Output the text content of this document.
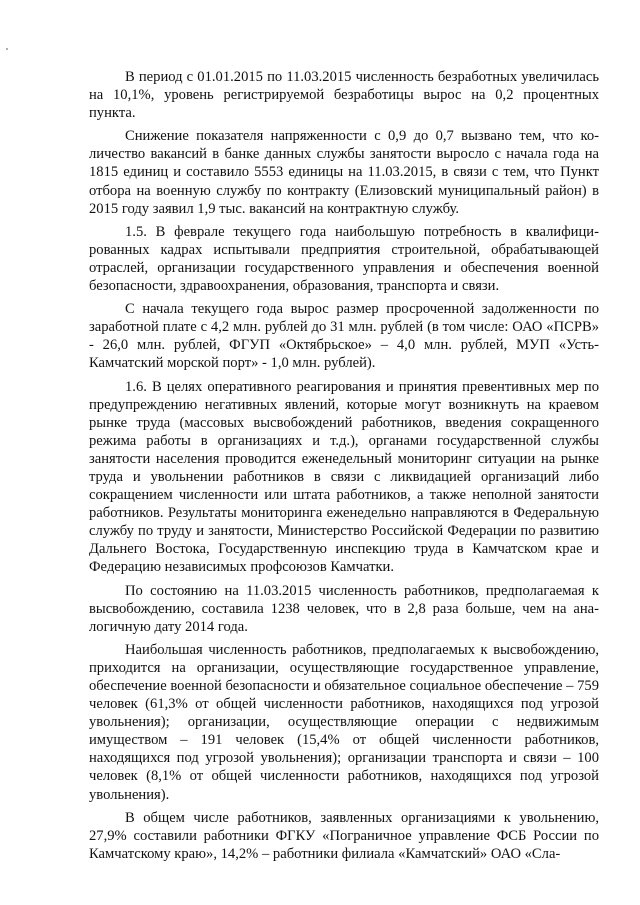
В период с 01.01.2015 по 11.03.2015 численность безработных увеличилась на 10,1%, уровень регистрируемой безработицы вырос на 0,2 процентных пункта.

Снижение показателя напряженности с 0,9 до 0,7 вызвано тем, что количество вакансий в банке данных службы занятости выросло с начала года на 1815 единиц и составило 5553 единицы на 11.03.2015, в связи с тем, что Пункт отбора на военную службу по контракту (Елизовский муниципальный район) в 2015 году заявил 1,9 тыс. вакансий на контрактную службу.

1.5. В феврале текущего года наибольшую потребность в квалифицированных кадрах испытывали предприятия строительной, обрабатывающей отраслей, организации государственного управления и обеспечения военной безопасности, здравоохранения, образования, транспорта и связи.

С начала текущего года вырос размер просроченной задолженности по заработной плате с 4,2 млн. рублей до 31 млн. рублей (в том числе: ОАО «ПСРВ» - 26,0 млн. рублей, ФГУП «Октябрьское» – 4,0 млн. рублей, МУП «Усть-Камчатский морской порт» - 1,0 млн. рублей).

1.6. В целях оперативного реагирования и принятия превентивных мер по предупреждению негативных явлений, которые могут возникнуть на краевом рынке труда (массовых высвобождений работников, введения сокращенного режима работы в организациях и т.д.), органами государственной службы занятости населения проводится еженедельный мониторинг ситуации на рынке труда и увольнении работников в связи с ликвидацией организаций либо сокращением численности или штата работников, а также неполной занятости работников. Результаты мониторинга еженедельно направляются в Федеральную службу по труду и занятости, Министерство Российской Федерации по развитию Дальнего Востока, Государственную инспекцию труда в Камчатском крае и Федерацию независимых профсоюзов Камчатки.

По состоянию на 11.03.2015 численность работников, предполагаемая к высвобождению, составила 1238 человек, что в 2,8 раза больше, чем на аналогичную дату 2014 года.

Наибольшая численность работников, предполагаемых к высвобождению, приходится на организации, осуществляющие государственное управление, обеспечение военной безопасности и обязательное социальное обеспечение – 759 человек (61,3% от общей численности работников, находящихся под угрозой увольнения); организации, осуществляющие операции с недвижимым имуществом – 191 человек (15,4% от общей численности работников, находящихся под угрозой увольнения); организации транспорта и связи – 100 человек (8,1% от общей численности работников, находящихся под угрозой увольнения).

В общем числе работников, заявленных организациями к увольнению, 27,9% составили работники ФГКУ «Пограничное управление ФСБ России по Камчатскому краю», 14,2% – работники филиала «Камчатский» ОАО «Сла-
